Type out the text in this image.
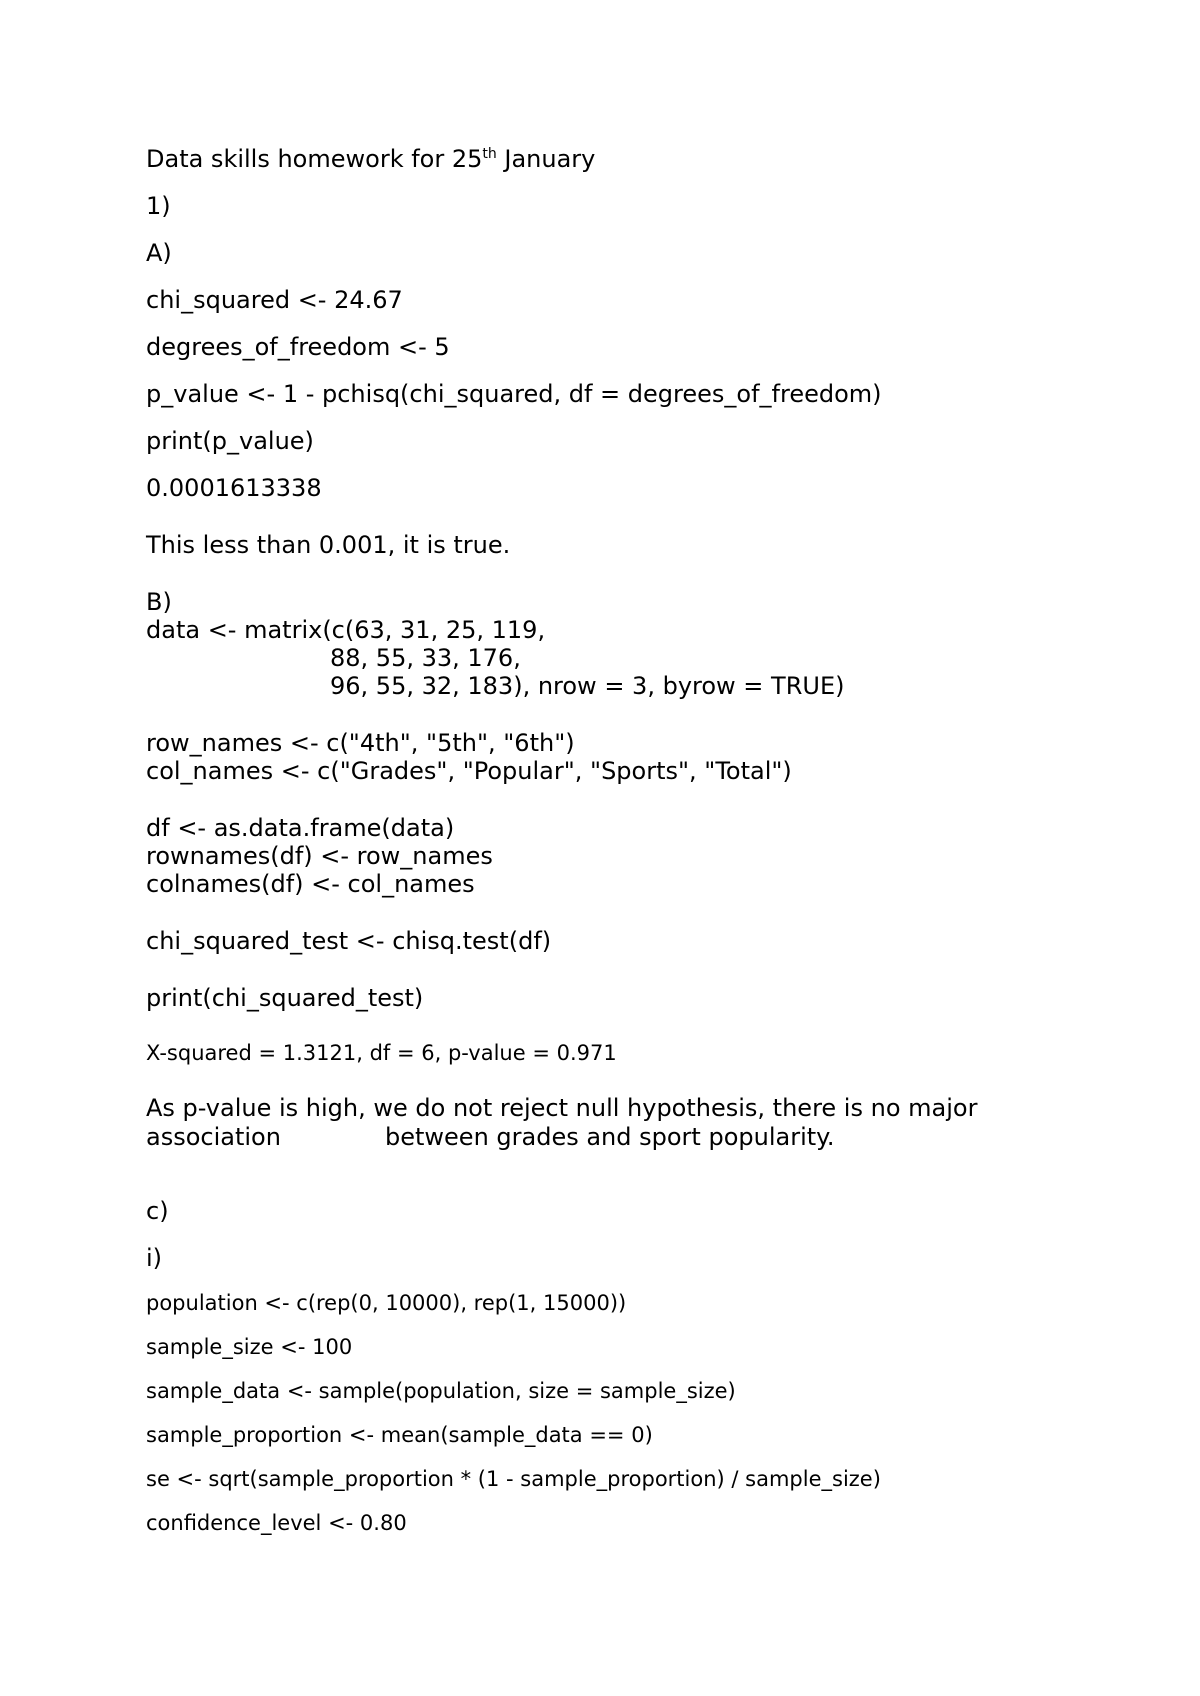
Data skills homework for 25th January
1)
A)
chi_squared <- 24.67
degrees_of_freedom <- 5
p_value <- 1 - pchisq(chi_squared, df = degrees_of_freedom)
print(p_value)
0.0001613338
This less than 0.001, it is true.
B)
data <- matrix(c(63, 31, 25, 119,
88, 55, 33, 176,
96, 55, 32, 183), nrow = 3, byrow = TRUE)
row_names <- c("4th", "5th", "6th")
col_names <- c("Grades", "Popular", "Sports", "Total")
df <- as.data.frame(data)
rownames(df) <- row_names
colnames(df) <- col_names
chi_squared_test <- chisq.test(df)
print(chi_squared_test)
X-squared = 1.3121, df = 6, p-value = 0.971
As p-value is high, we do not reject null hypothesis, there is no major
association	between grades and sport popularity.
c)
i)
population <- c(rep(0, 10000), rep(1, 15000))
sample_size <- 100
sample_data <- sample(population, size = sample_size)
sample_proportion <- mean(sample_data == 0)
se <- sqrt(sample_proportion * (1 - sample_proportion) / sample_size)
confidence_level <- 0.80
